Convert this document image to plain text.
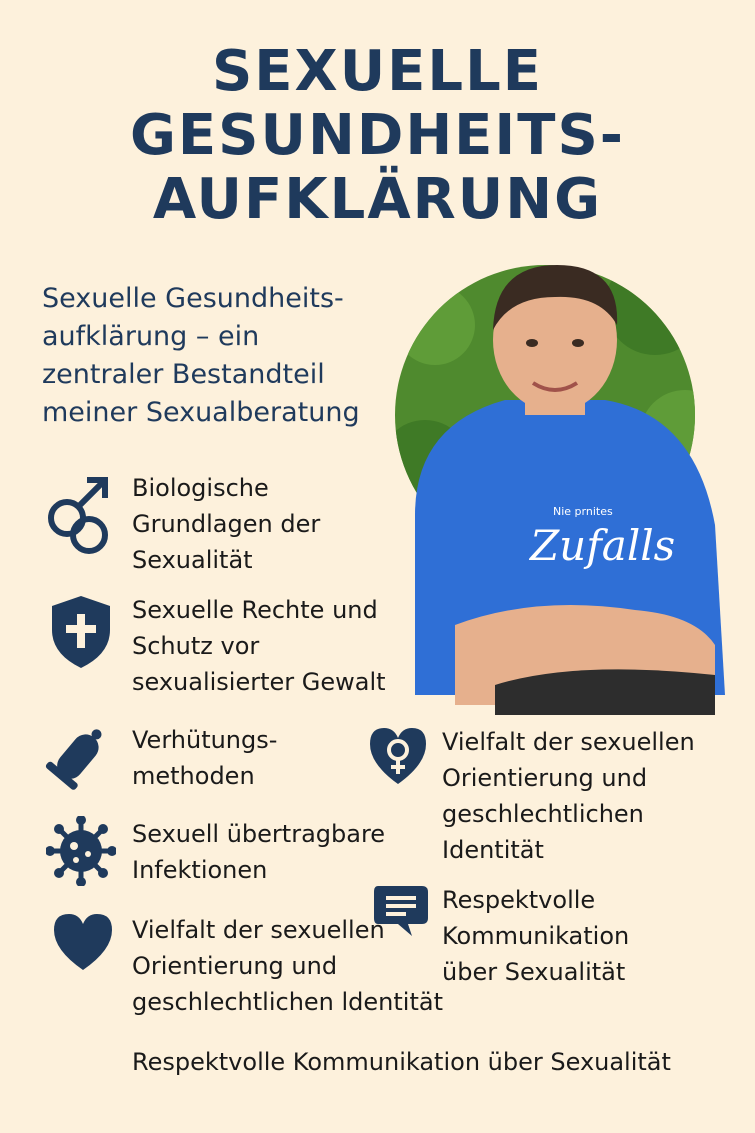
SEXUELLE
GESUNDHEITS-
AUFKLÄRUNG
Sexuelle Gesundheits-
aufklärung – ein
zentraler Bestandteil
meiner Sexualberatung
Nie prnites
Zufalls
Biologische
Grundlagen der
Sexualität
Sexuelle Rechte und
Schutz vor
sexualisierter Gewalt
Verhütungs-
methoden
Vielfalt der sexuellen
Orientierung und
geschlechtlichen
Identität
Sexuell übertragbare
Infektionen
Respektvolle
Kommunikation
über Sexualität
Vielfalt der sexuellen
Orientierung und
geschlechtlichen ldentität
Respektvolle Kommunikation über Sexualität
